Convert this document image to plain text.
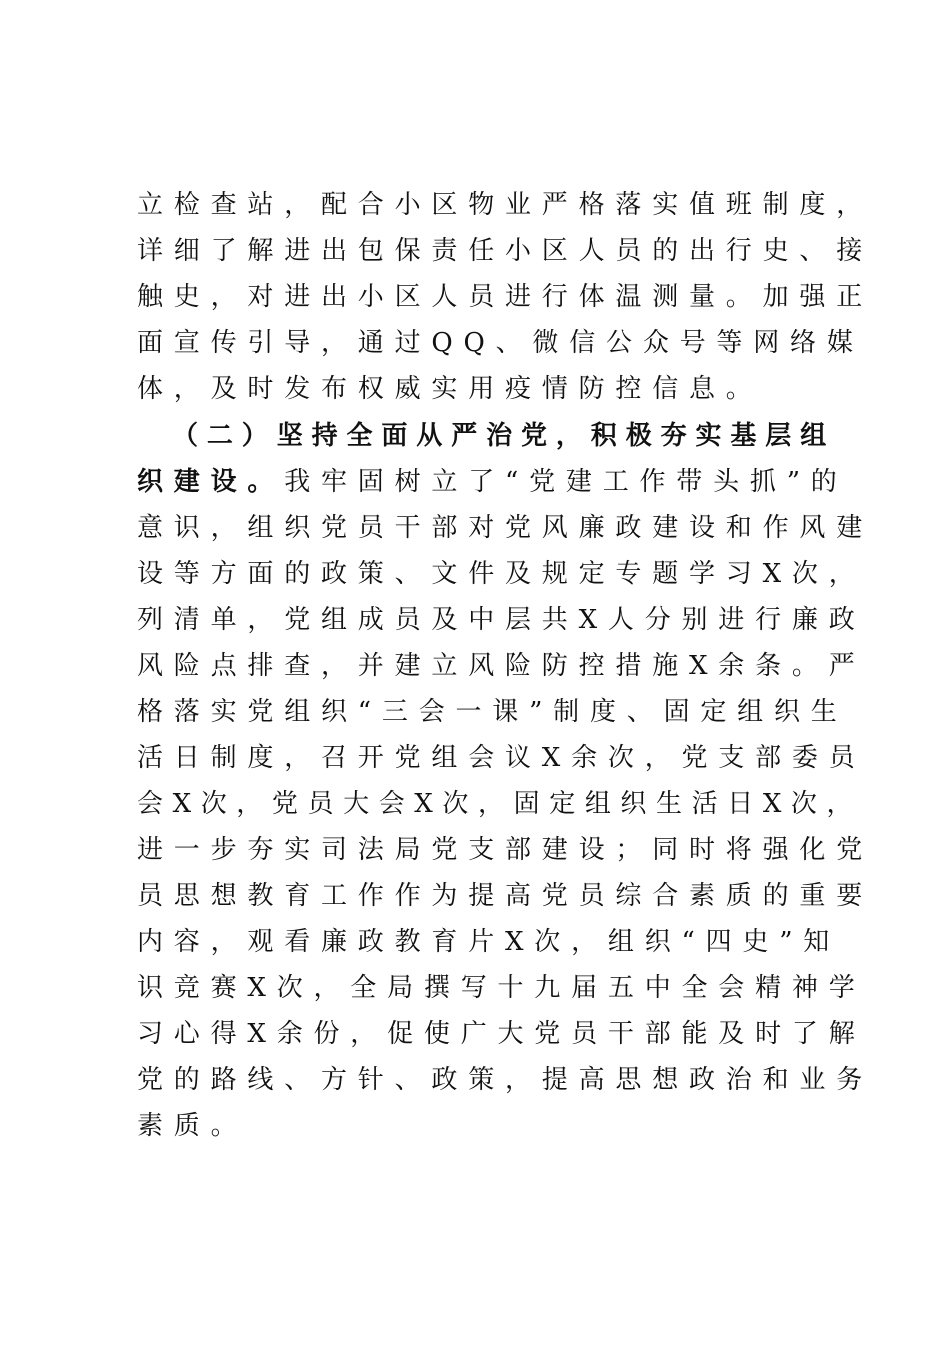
立检查站，配合小区物业严格落实值班制度，
详细了解进出包保责任小区人员的出行史、接
触史，对进出小区人员进行体温测量。加强正
面宣传引导，通过QQ、微信公众号等网络媒
体，及时发布权威实用疫情防控信息。
（二）坚持全面从严治党，积极夯实基层组
织建设。我牢固树立了“党建工作带头抓”的
意识，组织党员干部对党风廉政建设和作风建
设等方面的政策、文件及规定专题学习X次，
列清单，党组成员及中层共X人分别进行廉政
风险点排查，并建立风险防控措施X余条。严
格落实党组织“三会一课”制度、固定组织生
活日制度，召开党组会议X余次，党支部委员
会X次，党员大会X次，固定组织生活日X次，
进一步夯实司法局党支部建设；同时将强化党
员思想教育工作作为提高党员综合素质的重要
内容，观看廉政教育片X次，组织“四史”知
识竞赛X次，全局撰写十九届五中全会精神学
习心得X余份，促使广大党员干部能及时了解
党的路线、方针、政策，提高思想政治和业务
素质。
